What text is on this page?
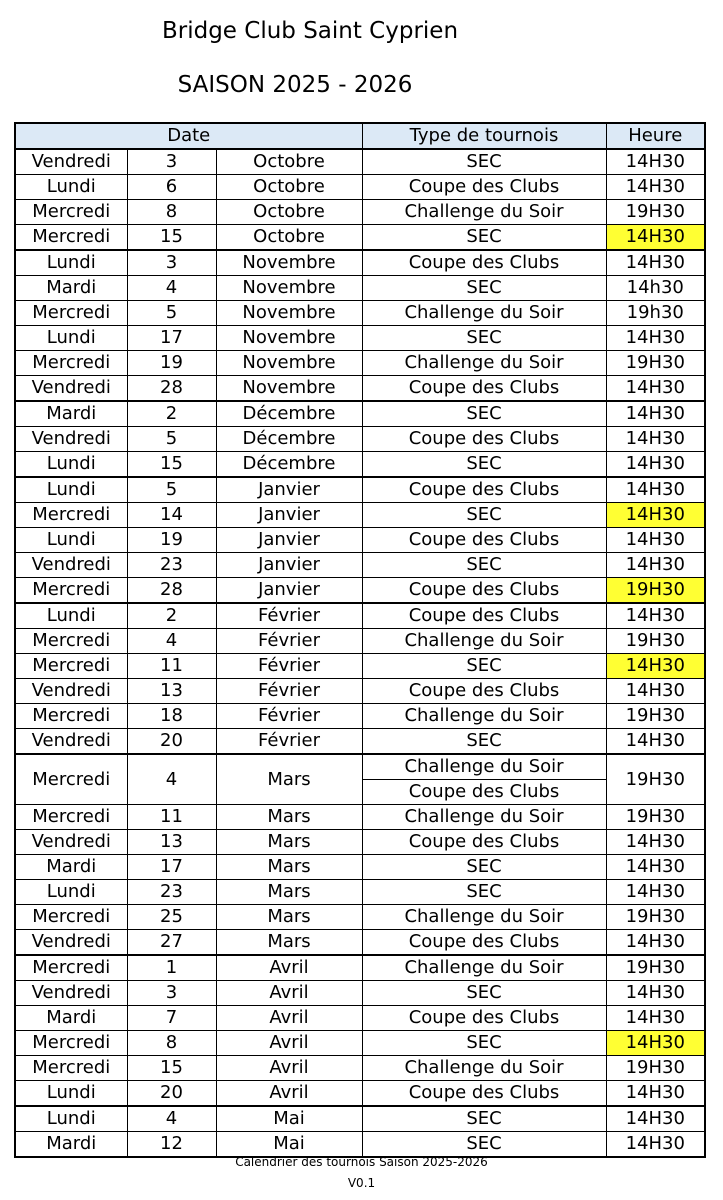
Bridge Club Saint Cyprien
SAISON 2025 - 2026
Date			Type de tournois	Heure
Vendredi	3	Octobre	SEC	14H30
Lundi	6	Octobre	Coupe des Clubs	14H30
Mercredi	8	Octobre	Challenge du Soir	19H30
Mercredi	15	Octobre	SEC	14H30
Lundi	3	Novembre	Coupe des Clubs	14H30
Mardi	4	Novembre	SEC	14h30
Mercredi	5	Novembre	Challenge du Soir	19h30
Lundi	17	Novembre	SEC	14H30
Mercredi	19	Novembre	Challenge du Soir	19H30
Vendredi	28	Novembre	Coupe des Clubs	14H30
Mardi	2	Décembre	SEC	14H30
Vendredi	5	Décembre	Coupe des Clubs	14H30
Lundi	15	Décembre	SEC	14H30
Lundi	5	Janvier	Coupe des Clubs	14H30
Mercredi	14	Janvier	SEC	14H30
Lundi	19	Janvier	Coupe des Clubs	14H30
Vendredi	23	Janvier	SEC	14H30
Mercredi	28	Janvier	Coupe des Clubs	19H30
Lundi	2	Février	Coupe des Clubs	14H30
Mercredi	4	Février	Challenge du Soir	19H30
Mercredi	11	Février	SEC	14H30
Vendredi	13	Février	Coupe des Clubs	14H30
Mercredi	18	Février	Challenge du Soir	19H30
Vendredi	20	Février	SEC	14H30
Mercredi	4	Mars	Challenge du Soir	19H30
			Coupe des Clubs	
Mercredi	11	Mars	Challenge du Soir	19H30
Vendredi	13	Mars	Coupe des Clubs	14H30
Mardi	17	Mars	SEC	14H30
Lundi	23	Mars	SEC	14H30
Mercredi	25	Mars	Challenge du Soir	19H30
Vendredi	27	Mars	Coupe des Clubs	14H30
Mercredi	1	Avril	Challenge du Soir	19H30
Vendredi	3	Avril	SEC	14H30
Mardi	7	Avril	Coupe des Clubs	14H30
Mercredi	8	Avril	SEC	14H30
Mercredi	15	Avril	Challenge du Soir	19H30
Lundi	20	Avril	Coupe des Clubs	14H30
Lundi	4	Mai	SEC	14H30
Mardi	12	Mai	SEC	14H30
Calendrier des tournois Saison 2025-2026
V0.1
